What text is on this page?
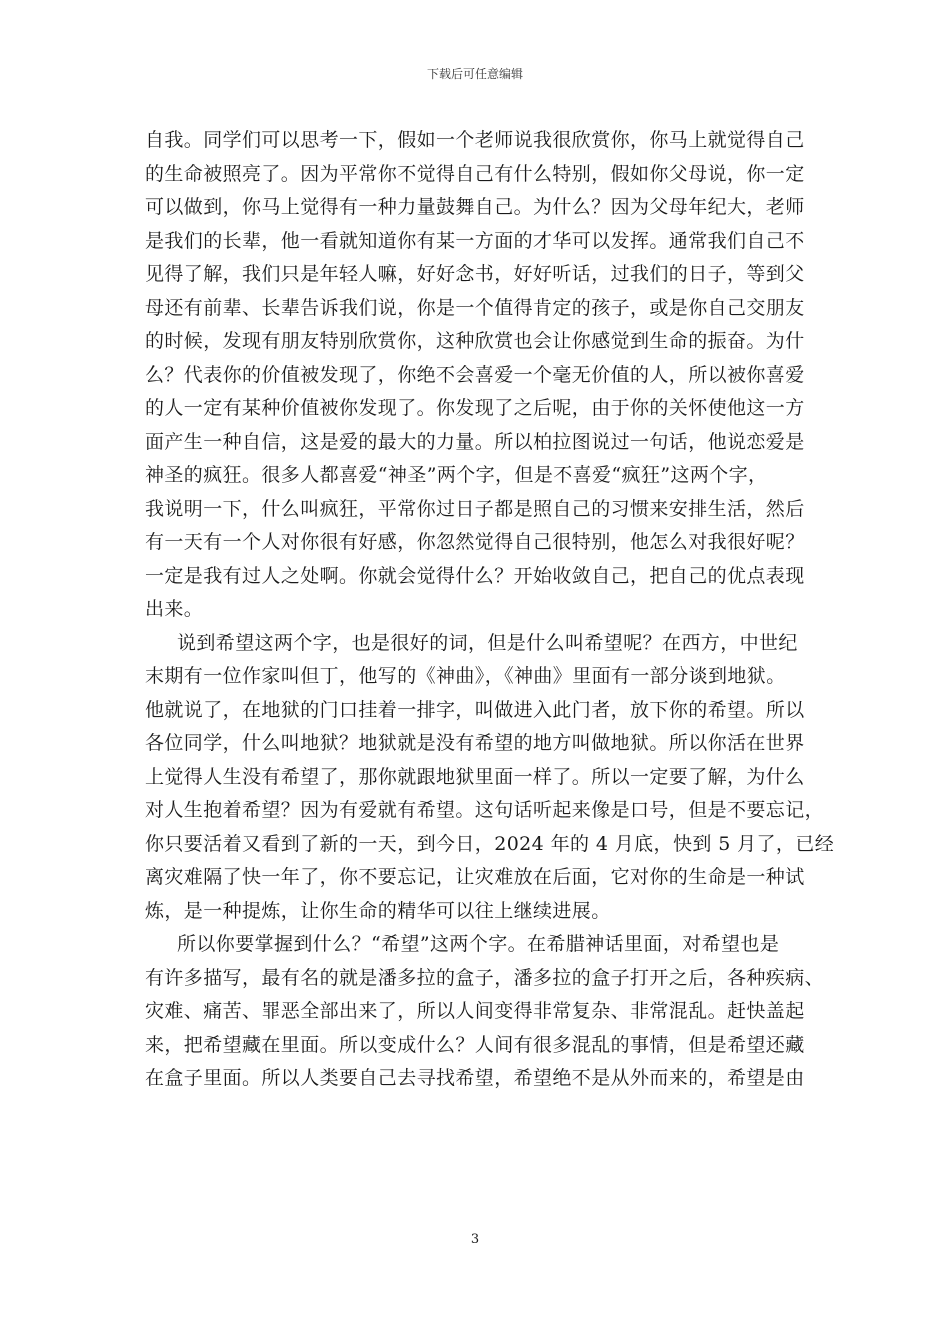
下载后可任意编辑
自我。同学们可以思考一下，假如一个老师说我很欣赏你，你马上就觉得自己
的生命被照亮了。因为平常你不觉得自己有什么特别，假如你父母说，你一定
可以做到，你马上觉得有一种力量鼓舞自己。为什么？因为父母年纪大，老师
是我们的长辈，他一看就知道你有某一方面的才华可以发挥。通常我们自己不
见得了解，我们只是年轻人嘛，好好念书，好好听话，过我们的日子，等到父
母还有前辈、长辈告诉我们说，你是一个值得肯定的孩子，或是你自己交朋友
的时候，发现有朋友特别欣赏你，这种欣赏也会让你感觉到生命的振奋。为什
么？代表你的价值被发现了，你绝不会喜爱一个毫无价值的人，所以被你喜爱
的人一定有某种价值被你发现了。你发现了之后呢，由于你的关怀使他这一方
面产生一种自信，这是爱的最大的力量。所以柏拉图说过一句话，他说恋爱是
神圣的疯狂。很多人都喜爱“神圣”两个字，但是不喜爱“疯狂”这两个字，
我说明一下，什么叫疯狂，平常你过日子都是照自己的习惯来安排生活，然后
有一天有一个人对你很有好感，你忽然觉得自己很特别，他怎么对我很好呢？
一定是我有过人之处啊。你就会觉得什么？开始收敛自己，把自己的优点表现
出来。
说到希望这两个字，也是很好的词，但是什么叫希望呢？在西方，中世纪
末期有一位作家叫但丁，他写的《神曲》，《神曲》里面有一部分谈到地狱。
他就说了，在地狱的门口挂着一排字，叫做进入此门者，放下你的希望。所以
各位同学，什么叫地狱？地狱就是没有希望的地方叫做地狱。所以你活在世界
上觉得人生没有希望了，那你就跟地狱里面一样了。所以一定要了解，为什么
对人生抱着希望？因为有爱就有希望。这句话听起来像是口号，但是不要忘记，
你只要活着又看到了新的一天，到今日，2024 年的 4 月底，快到 5 月了，已经
离灾难隔了快一年了，你不要忘记，让灾难放在后面，它对你的生命是一种试
炼，是一种提炼，让你生命的精华可以往上继续进展。
所以你要掌握到什么？“希望”这两个字。在希腊神话里面，对希望也是
有许多描写，最有名的就是潘多拉的盒子，潘多拉的盒子打开之后，各种疾病、
灾难、痛苦、罪恶全部出来了，所以人间变得非常复杂、非常混乱。赶快盖起
来，把希望藏在里面。所以变成什么？人间有很多混乱的事情，但是希望还藏
在盒子里面。所以人类要自己去寻找希望，希望绝不是从外而来的，希望是由
3
